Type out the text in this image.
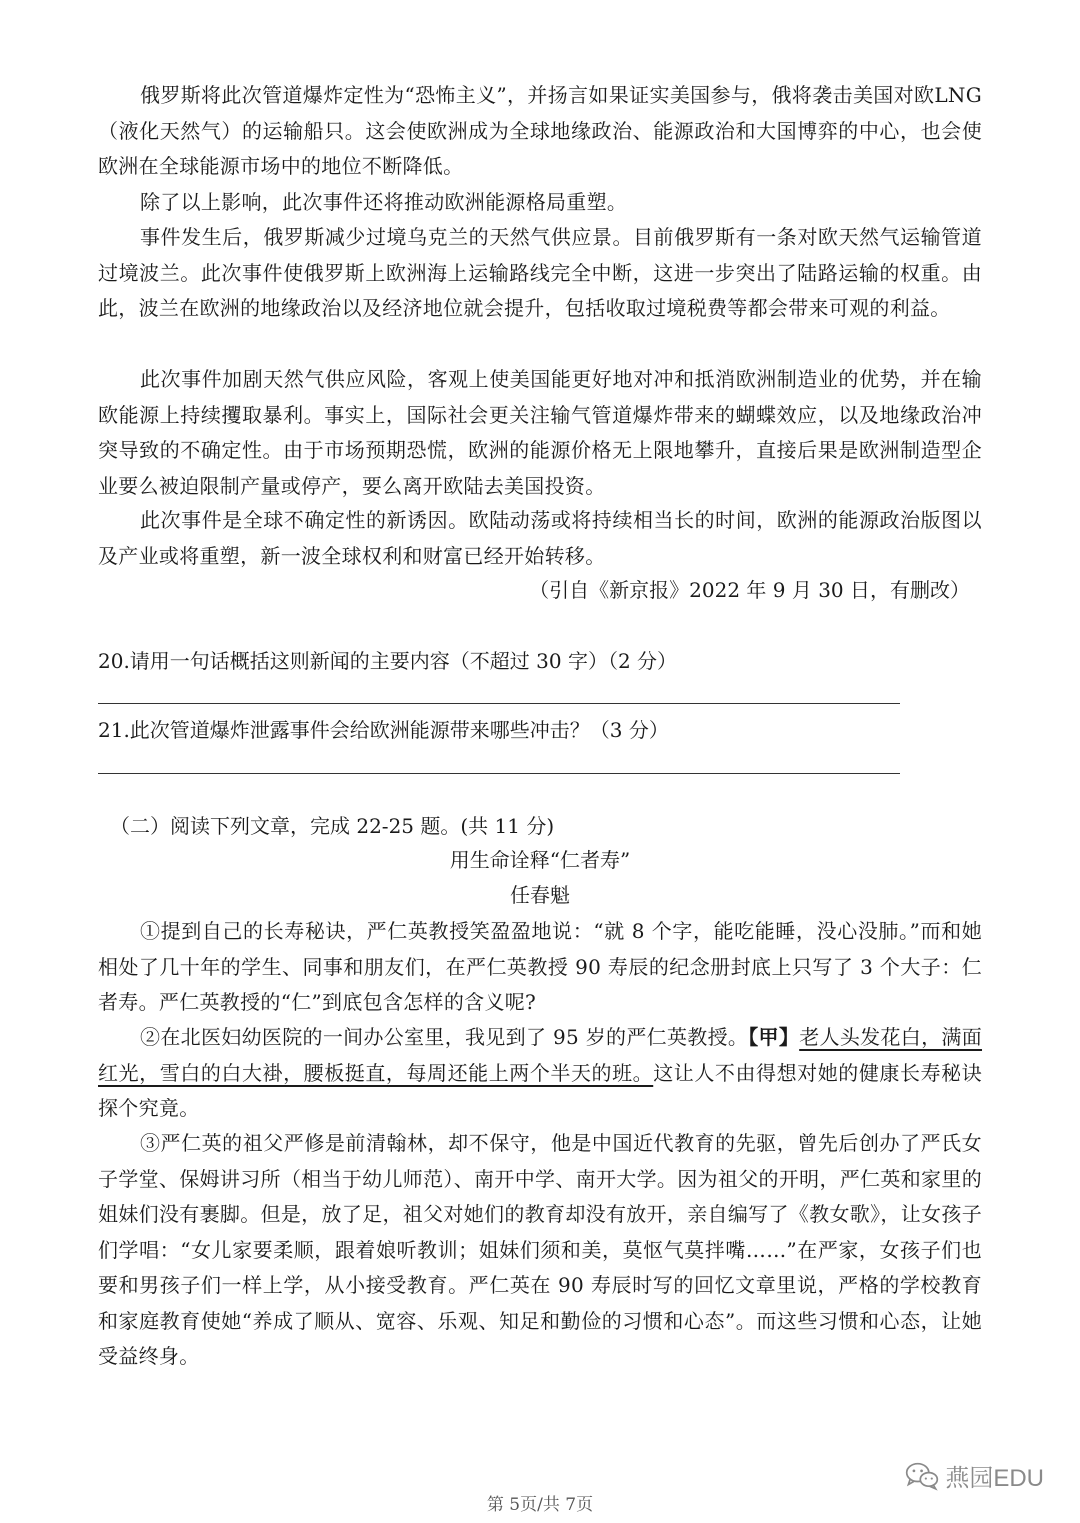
俄罗斯将此次管道爆炸定性为“恐怖主义”，并扬言如果证实美国参与，俄将袭击美国对欧LNG（液化天然气）的运输船只。这会使欧洲成为全球地缘政治、能源政治和大国博弈的中心，也会使欧洲在全球能源市场中的地位不断降低。

除了以上影响，此次事件还将推动欧洲能源格局重塑。

事件发生后，俄罗斯减少过境乌克兰的天然气供应景。目前俄罗斯有一条对欧天然气运输管道过境波兰。此次事件使俄罗斯上欧洲海上运输路线完全中断，这进一步突出了陆路运输的权重。由此，波兰在欧洲的地缘政治以及经济地位就会提升，包括收取过境税费等都会带来可观的利益。

此次事件加剧天然气供应风险，客观上使美国能更好地对冲和抵消欧洲制造业的优势，并在输欧能源上持续攫取暴利。事实上，国际社会更关注输气管道爆炸带来的蝴蝶效应，以及地缘政治冲突导致的不确定性。由于市场预期恐慌，欧洲的能源价格无上限地攀升，直接后果是欧洲制造型企业要么被迫限制产量或停产，要么离开欧陆去美国投资。

此次事件是全球不确定性的新诱因。欧陆动荡或将持续相当长的时间，欧洲的能源政治版图以及产业或将重塑，新一波全球权利和财富已经开始转移。

（引自《新京报》2022 年 9 月 30 日，有删改）

20.请用一句话概括这则新闻的主要内容（不超过 30 字）（2 分）

21.此次管道爆炸泄露事件会给欧洲能源带来哪些冲击？（3 分）

（二）阅读下列文章，完成 22-25 题。(共 11 分)

用生命诠释“仁者寿”

任春魁

①提到自己的长寿秘诀，严仁英教授笑盈盈地说：“就 8 个字，能吃能睡，没心没肺。”而和她相处了几十年的学生、同事和朋友们，在严仁英教授 90 寿辰的纪念册封底上只写了 3 个大子：仁者寿。严仁英教授的“仁”到底包含怎样的含义呢?

②在北医妇幼医院的一间办公室里，我见到了 95 岁的严仁英教授。【甲】老人头发花白，满面红光，雪白的白大褂，腰板挺直，每周还能上两个半天的班。这让人不由得想对她的健康长寿秘诀探个究竟。

③严仁英的祖父严修是前清翰林，却不保守，他是中国近代教育的先驱，曾先后创办了严氏女子学堂、保姆讲习所（相当于幼儿师范）、南开中学、南开大学。因为祖父的开明，严仁英和家里的姐妹们没有裹脚。但是，放了足，祖父对她们的教育却没有放开，亲自编写了《教女歌》，让女孩子们学唱：“女儿家要柔顺，跟着娘听教训；姐妹们须和美，莫怄气莫拌嘴……”在严家，女孩子们也要和男孩子们一样上学，从小接受教育。严仁英在 90 寿辰时写的回忆文章里说，严格的学校教育和家庭教育使她“养成了顺从、宽容、乐观、知足和勤俭的习惯和心态”。而这些习惯和心态，让她受益终身。

燕园EDU

第 5页/共 7页
